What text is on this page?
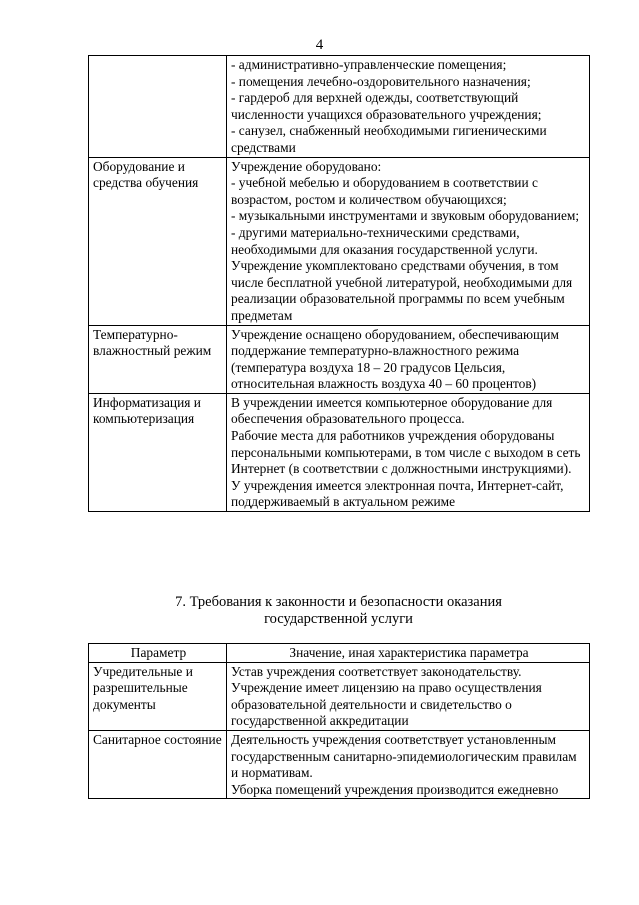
4

	- административно-управленческие помещения;
- помещения лечебно-оздоровительного назначения;
- гардероб для верхней одежды, соответствующий численности учащихся образовательного учреждения;
- санузел, снабженный необходимыми гигиеническими средствами

Оборудование и средства обучения	Учреждение оборудовано:
- учебной мебелью и оборудованием в соответствии с возрастом, ростом и количеством обучающихся;
- музыкальными инструментами и звуковым оборудованием;
- другими материально-техническими средствами, необходимыми для оказания государственной услуги.
Учреждение укомплектовано средствами обучения, в том числе бесплатной учебной литературой, необходимыми для реализации образовательной программы по всем учебным предметам

Температурно-влажностный режим	Учреждение оснащено оборудованием, обеспечивающим поддержание температурно-влажностного режима (температура воздуха 18 – 20 градусов Цельсия, относительная влажность воздуха 40 – 60 процентов)

Информатизация и компьютеризация	В учреждении имеется компьютерное оборудование для обеспечения образовательного процесса.
Рабочие места для работников учреждения оборудованы персональными компьютерами, в том числе с выходом в сеть Интернет (в соответствии с должностными инструкциями).
У учреждения имеется электронная почта, Интернет-сайт, поддерживаемый в актуальном режиме

7. Требования к законности и безопасности оказания
государственной услуги
Параметр	Значение, иная характеристика параметра

Учредительные и разрешительные документы	Устав учреждения соответствует законодательству.
Учреждение имеет лицензию на право осуществления образовательной деятельности и свидетельство о государственной аккредитации

Санитарное состояние	Деятельность учреждения соответствует установленным государственным санитарно-эпидемиологическим правилам и нормативам.
Уборка помещений учреждения производится ежедневно
